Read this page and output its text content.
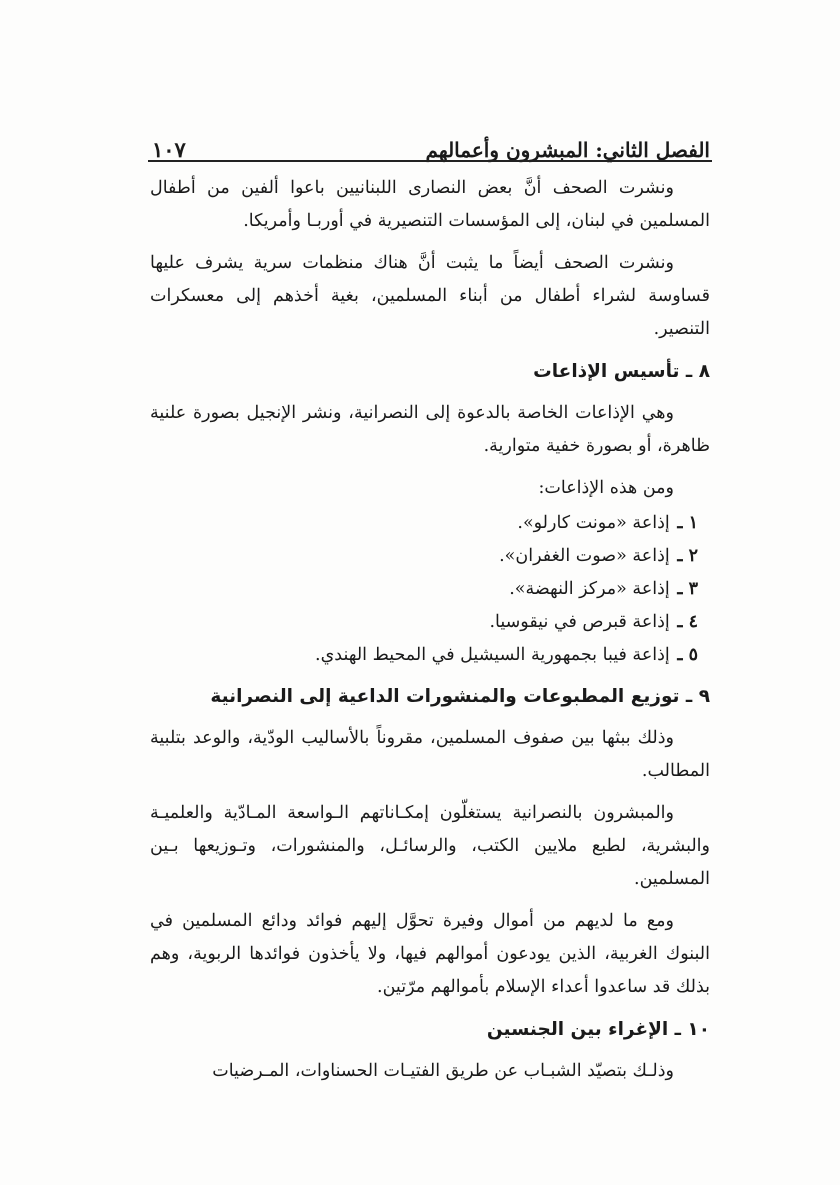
الفصل الثاني: المبشرون وأعمالهم
١٠٧

ونشرت الصحف أنَّ بعض النصارى اللبنانيين باعوا ألفين من أطفال المسلمين في لبنان، إلى المؤسسات التنصيرية في أوربـا وأمريكا.

ونشرت الصحف أيضاً ما يثبت أنَّ هناك منظمات سرية يشرف عليها قساوسة لشراء أطفال من أبناء المسلمين، بغية أخذهم إلى معسكرات التنصير.

٨ ـ تأسيس الإذاعات

وهي الإذاعات الخاصة بالدعوة إلى النصرانية، ونشر الإنجيل بصورة علنية ظاهرة، أو بصورة خفية متوارية.

ومن هذه الإذاعات:

١ ـ إذاعة «مونت كارلو».
٢ ـ إذاعة «صوت الغفران».
٣ ـ إذاعة «مركز النهضة».
٤ ـ إذاعة قبرص في نيقوسيا.
٥ ـ إذاعة فيبا بجمهورية السيشيل في المحيط الهندي.
٩ ـ توزيع المطبوعات والمنشورات الداعية إلى النصرانية

وذلك ببثها بين صفوف المسلمين، مقروناً بالأساليب الودّية، والوعد بتلبية المطالب.

والمبشرون بالنصرانية يستغلّون إمكـاناتهم الـواسعة المـادّية والعلميـة والبشرية، لطبع ملايين الكتب، والرسائـل، والمنشورات، وتـوزيعها بـين المسلمين.

ومع ما لديهم من أموال وفيرة تحوَّل إليهم فوائد ودائع المسلمين في البنوك الغربية، الذين يودعون أموالهم فيها، ولا يأخذون فوائدها الربوية، وهم بذلك قد ساعدوا أعداء الإسلام بأموالهم مرّتين.

١٠ ـ الإغراء بين الجنسين

وذلـك بتصيّد الشبـاب عن طريق الفتيـات الحسناوات، المـرضيات
